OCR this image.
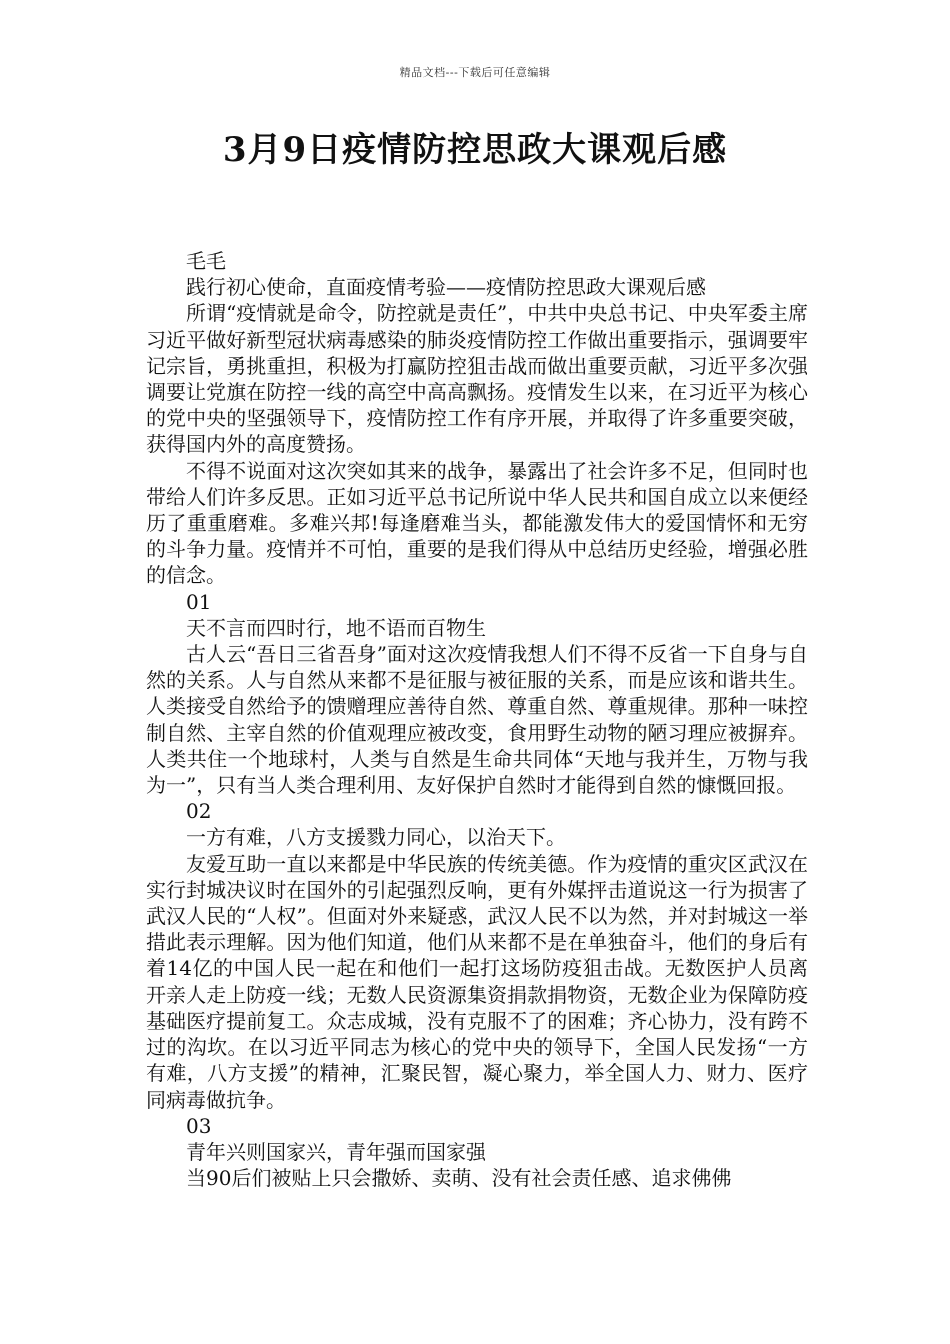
精品文档---下载后可任意编辑
3月9日疫情防控思政大课观后感

毛毛

践行初心使命，直面疫情考验——疫情防控思政大课观后感

所谓“疫情就是命令，防控就是责任”，中共中央总书记、中央军委主席习近平做好新型冠状病毒感染的肺炎疫情防控工作做出重要指示，强调要牢记宗旨，勇挑重担，积极为打赢防控狙击战而做出重要贡献，习近平多次强调要让党旗在防控一线的高空中高高飘扬。疫情发生以来，在习近平为核心的党中央的坚强领导下，疫情防控工作有序开展，并取得了许多重要突破，获得国内外的高度赞扬。

不得不说面对这次突如其来的战争，暴露出了社会许多不足，但同时也带给人们许多反思。正如习近平总书记所说中华人民共和国自成立以来便经历了重重磨难。多难兴邦!每逢磨难当头，都能激发伟大的爱国情怀和无穷的斗争力量。疫情并不可怕，重要的是我们得从中总结历史经验，增强必胜的信念。

01

天不言而四时行，地不语而百物生

古人云“吾日三省吾身”面对这次疫情我想人们不得不反省一下自身与自然的关系。人与自然从来都不是征服与被征服的关系，而是应该和谐共生。人类接受自然给予的馈赠理应善待自然、尊重自然、尊重规律。那种一味控制自然、主宰自然的价值观理应被改变，食用野生动物的陋习理应被摒弃。人类共住一个地球村，人类与自然是生命共同体“天地与我并生，万物与我为一”，只有当人类合理利用、友好保护自然时才能得到自然的慷慨回报。

02

一方有难，八方支援戮力同心，以治天下。

友爱互助一直以来都是中华民族的传统美德。作为疫情的重灾区武汉在实行封城决议时在国外的引起强烈反响，更有外媒抨击道说这一行为损害了武汉人民的“人权”。但面对外来疑惑，武汉人民不以为然，并对封城这一举措此表示理解。因为他们知道，他们从来都不是在单独奋斗，他们的身后有着14亿的中国人民一起在和他们一起打这场防疫狙击战。无数医护人员离开亲人走上防疫一线；无数人民资源集资捐款捐物资，无数企业为保障防疫基础医疗提前复工。众志成城，没有克服不了的困难；齐心协力，没有跨不过的沟坎。在以习近平同志为核心的党中央的领导下，全国人民发扬“一方有难，八方支援”的精神，汇聚民智，凝心聚力，举全国人力、财力、医疗同病毒做抗争。

03

青年兴则国家兴，青年强而国家强

当90后们被贴上只会撒娇、卖萌、没有社会责任感、追求佛佛
